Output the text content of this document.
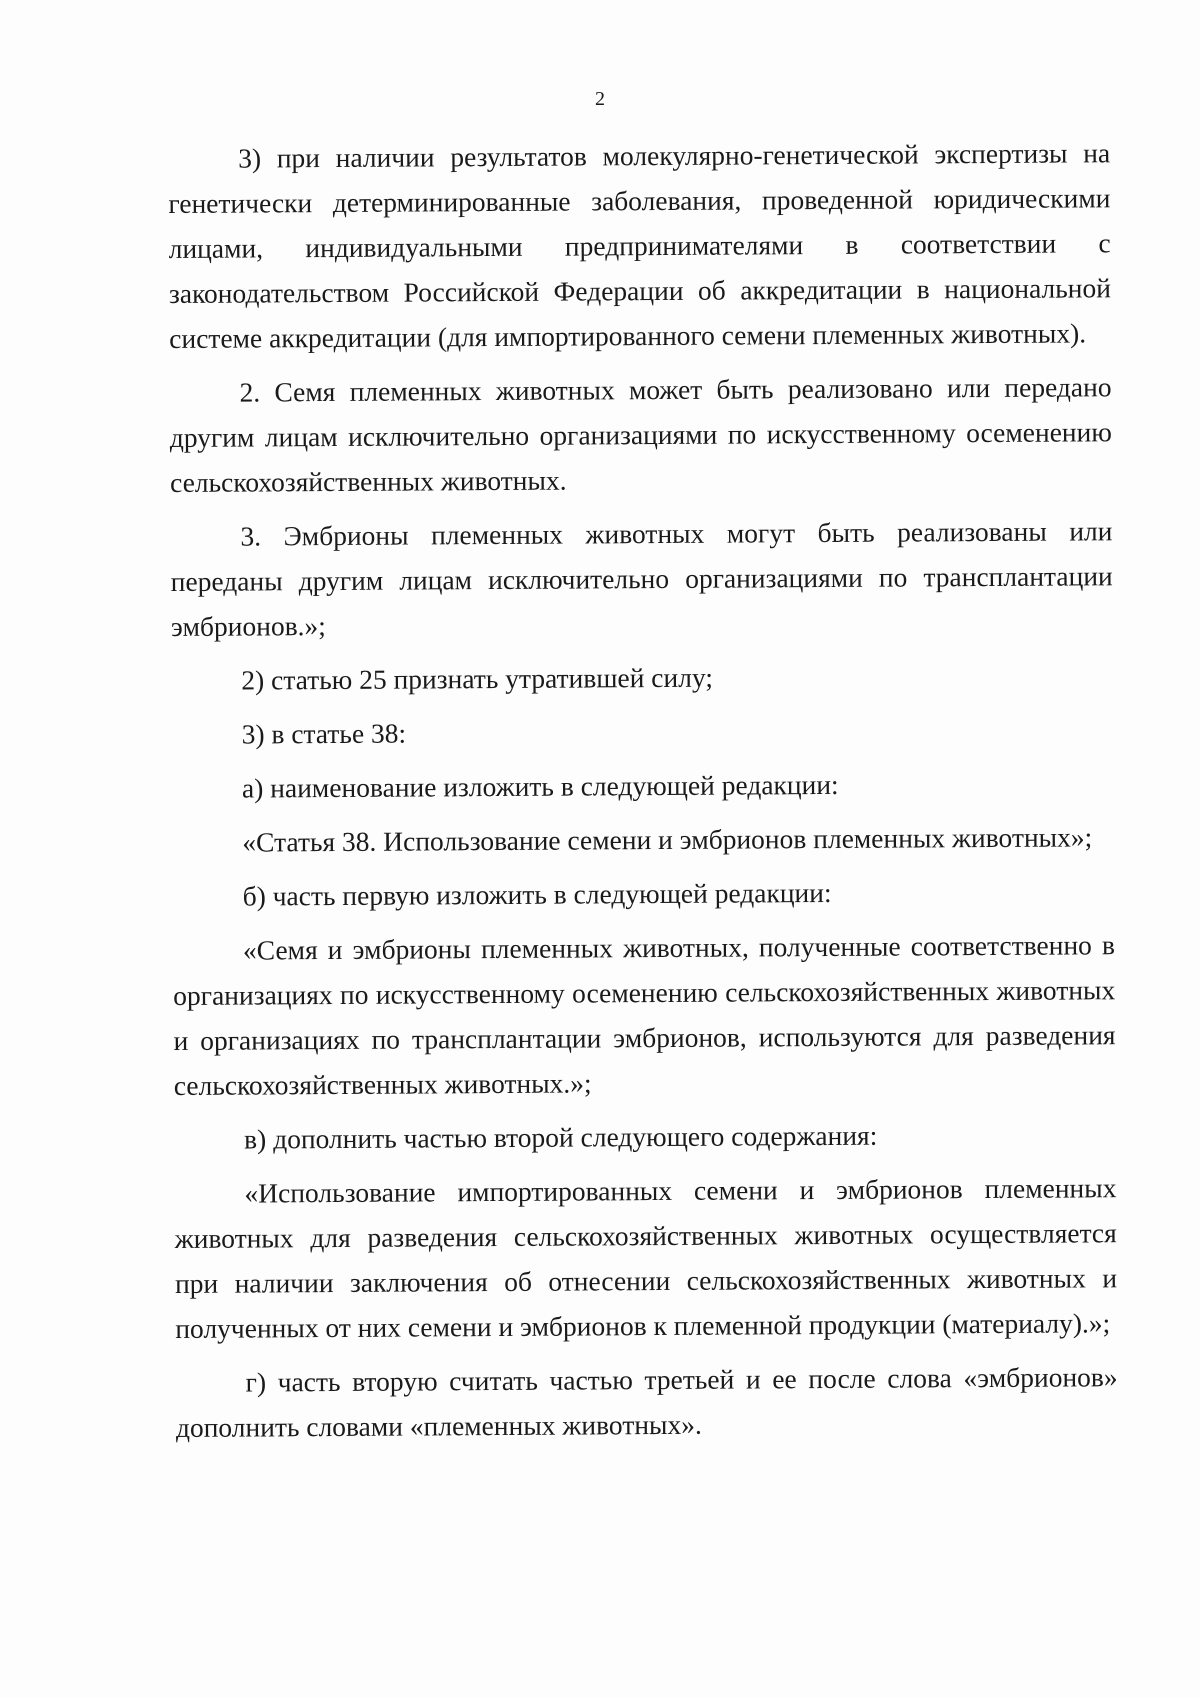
2

3) при наличии результатов молекулярно-генетической экспертизы на генетически детерминированные заболевания, проведенной юридическими лицами, индивидуальными предпринимателями в соответствии с законодательством Российской Федерации об аккредитации в национальной системе аккредитации (для импортированного семени племенных животных).

2. Семя племенных животных может быть реализовано или передано другим лицам исключительно организациями по искусственному осеменению сельскохозяйственных животных.

3. Эмбрионы племенных животных могут быть реализованы или переданы другим лицам исключительно организациями по трансплантации эмбрионов.»;

2) статью 25 признать утратившей силу;

3) в статье 38:

а) наименование изложить в следующей редакции:

«Статья 38. Использование семени и эмбрионов племенных животных»;

б) часть первую изложить в следующей редакции:

«Семя и эмбрионы племенных животных, полученные соответственно в организациях по искусственному осеменению сельскохозяйственных животных и организациях по трансплантации эмбрионов, используются для разведения сельскохозяйственных животных.»;

в) дополнить частью второй следующего содержания:

«Использование импортированных семени и эмбрионов племенных животных для разведения сельскохозяйственных животных осуществляется при наличии заключения об отнесении сельскохозяйственных животных и полученных от них семени и эмбрионов к племенной продукции (материалу).»;

г) часть вторую считать частью третьей и ее после слова «эмбрионов» дополнить словами «племенных животных».
